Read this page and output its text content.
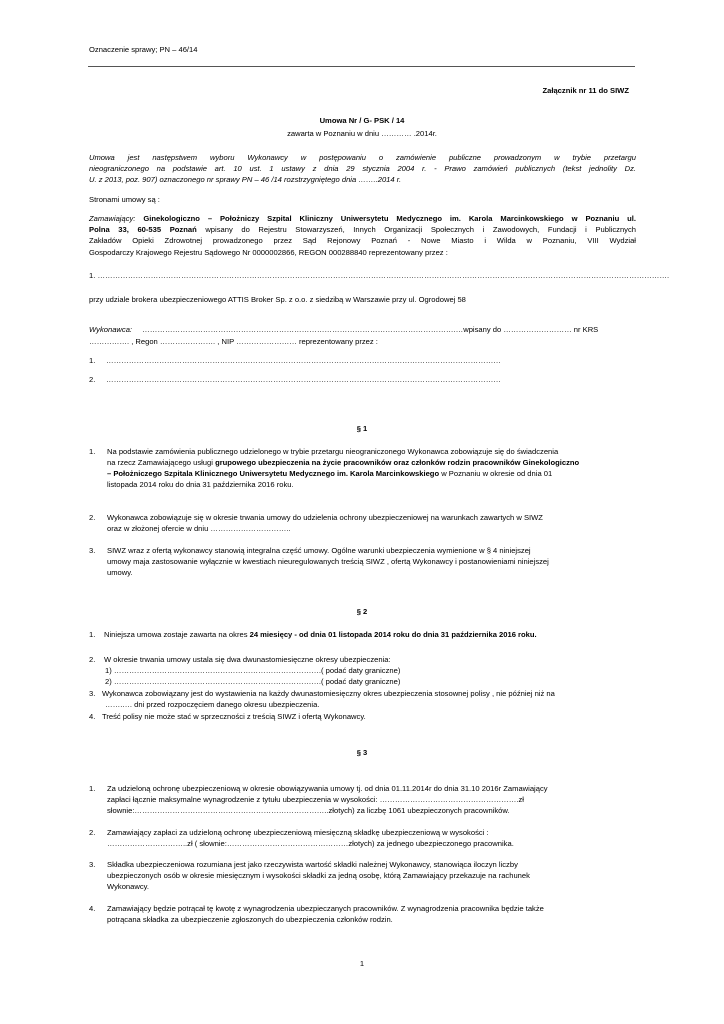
Oznaczenie sprawy; PN – 46/14
Załącznik nr 11 do SIWZ
Umowa Nr / G- PSK / 14
zawarta w Poznaniu w dniu ………… .2014r.
Umowa jest następstwem wyboru Wykonawcy w postępowaniu o zamówienie publiczne prowadzonym w trybie przetargu
nieograniczonego na podstawie art. 10 ust. 1 ustawy z dnia 29 stycznia 2004 r. - Prawo zamówień publicznych (tekst jednolity Dz.
U. z 2013, poz. 907) oznaczonego nr sprawy PN – 46 /14 rozstrzygniętego dnia ……..2014 r.
Stronami umowy są :
Zamawiający: Ginekologiczno – Położniczy Szpital Kliniczny Uniwersytetu Medycznego im. Karola Marcinkowskiego w Poznaniu ul.
Polna 33, 60-535 Poznań wpisany do Rejestru Stowarzyszeń, Innych Organizacji Społecznych i Zawodowych, Fundacji i Publicznych
Zakładów Opieki Zdrowotnej prowadzonego przez Sąd Rejonowy Poznań - Nowe Miasto i Wilda w Poznaniu, VIII Wydział
Gospodarczy Krajowego Rejestru Sądowego Nr 0000002866, REGON 000288840 reprezentowany przez :
1. ……………………………………………………………………………………………………………………………………………………………………………………………………….
przy udziale brokera ubezpieczeniowego ATTIS Broker Sp. z o.o. z siedzibą w Warszawie przy ul. Ogrodowej 58
Wykonawca: …………………………………………………………………………………………………………….…wpisany do ……………………… nr KRS
……………. , Regon …………………. , NIP …………………… reprezentowany przez :
1. …………………………………………………………………………………………………………………………………………
2. …………………………………………………………………………………………………………………………………………
§ 1
1. Na podstawie zamówienia publicznego udzielonego w trybie przetargu nieograniczonego Wykonawca zobowiązuje się do świadczenia
na rzecz Zamawiającego usługi grupowego ubezpieczenia na życie pracowników oraz członków rodzin pracowników Ginekologiczno
– Położniczego Szpitala Klinicznego Uniwersytetu Medycznego im. Karola Marcinkowskiego w Poznaniu w okresie od dnia 01
listopada 2014 roku do dnia 31 października 2016 roku.
2. Wykonawca zobowiązuje się w okresie trwania umowy do udzielenia ochrony ubezpieczeniowej na warunkach zawartych w SIWZ
oraz w złożonej ofercie w dniu …………………………..
3. SIWZ wraz z ofertą wykonawcy stanowią integralna część umowy. Ogólne warunki ubezpieczenia wymienione w § 4 niniejszej
umowy maja zastosowanie wyłącznie w kwestiach nieuregulowanych treścią SIWZ , ofertą Wykonawcy i postanowieniami niniejszej
umowy.
§ 2
1. Niniejsza umowa zostaje zawarta na okres 24 miesięcy - od dnia 01 listopada 2014 roku do dnia 31 października 2016 roku.
2. W okresie trwania umowy ustala się dwa dwunastomiesięczne okresy ubezpieczenia:
1) ……………………………………………………………………….( podać daty graniczne)
2) ……………………………………………………………………….( podać daty graniczne)
3. Wykonawca zobowiązany jest do wystawienia na każdy dwunastomiesięczny okres ubezpieczenia stosownej polisy , nie później niż na
…….…. dni przed rozpoczęciem danego okresu ubezpieczenia.
4. Treść polisy nie może stać w sprzeczności z treścią SIWZ i ofertą Wykonawcy.
§ 3
1. Za udzieloną ochronę ubezpieczeniową w okresie obowiązywania umowy tj. od dnia 01.11.2014r do dnia 31.10 2016r Zamawiający
zapłaci łącznie maksymalne wynagrodzenie z tytułu ubezpieczenia w wysokości: ……………………………………………….zł
słownie:…………………………………………………………………..złotych) za liczbę 1061 ubezpieczonych pracowników.
2. Zamawiający zapłaci za udzieloną ochronę ubezpieczeniową miesięczną składkę ubezpieczeniową w wysokości :
…………………………..zł ( słownie:…………………………………………złotych) za jednego ubezpieczonego pracownika.
3. Składka ubezpieczeniowa rozumiana jest jako rzeczywista wartość składki należnej Wykonawcy, stanowiąca iloczyn liczby
ubezpieczonych osób w okresie miesięcznym i wysokości składki za jedną osobę, którą Zamawiający przekazuje na rachunek
Wykonawcy.
4. Zamawiający będzie potrącał tę kwotę z wynagrodzenia ubezpieczanych pracowników. Z wynagrodzenia pracownika będzie także
potrącana składka za ubezpieczenie zgłoszonych do ubezpieczenia członków rodzin.
1
